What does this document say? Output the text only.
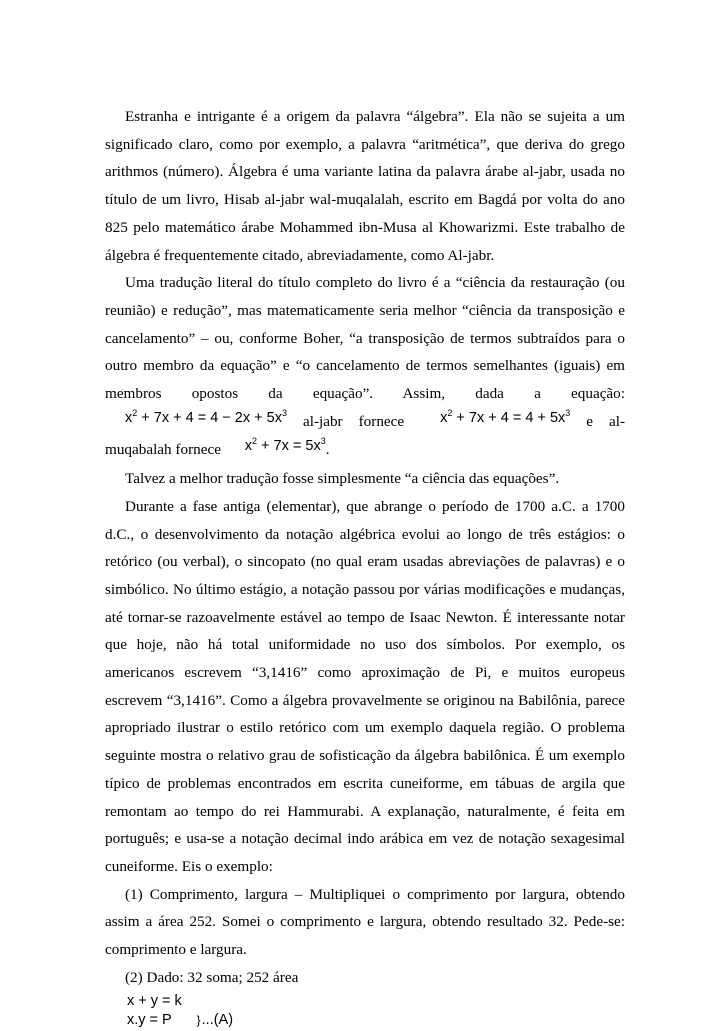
Estranha e intrigante é a origem da palavra “álgebra”. Ela não se sujeita a um significado claro, como por exemplo, a palavra “aritmética”, que deriva do grego arithmos (número). Álgebra é uma variante latina da palavra árabe al-jabr, usada no título de um livro, Hisab al-jabr wal-muqalalah, escrito em Bagdá por volta do ano 825 pelo matemático árabe Mohammed ibn-Musa al Khowarizmi. Este trabalho de álgebra é frequentemente citado, abreviadamente, como Al-jabr.

Uma tradução literal do título completo do livro é a “ciência da restauração (ou reunião) e redução”, mas matematicamente seria melhor “ciência da transposição e cancelamento” – ou, conforme Boher, “a transposição de termos subtraídos para o outro membro da equação” e “o cancelamento de termos semelhantes (iguais) em membros opostos da equação”. Assim, dada a equação: $x^2 + 7x + 4 = 4 - 2x + 5x^3$ al-jabr fornece $x^2 + 7x + 4 = 4 + 5x^3$ e al-muqabalah fornece $x^2 + 7x = 5x^3$.

Talvez a melhor tradução fosse simplesmente “a ciência das equações”.

Durante a fase antiga (elementar), que abrange o período de 1700 a.C. a 1700 d.C., o desenvolvimento da notação algébrica evolui ao longo de três estágios: o retórico (ou verbal), o sincopato (no qual eram usadas abreviações de palavras) e o simbólico. No último estágio, a notação passou por várias modificações e mudanças, até tornar-se razoavelmente estável ao tempo de Isaac Newton. É interessante notar que hoje, não há total uniformidade no uso dos símbolos. Por exemplo, os americanos escrevem “3,1416” como aproximação de Pi, e muitos europeus escrevem “3,1416”. Como a álgebra provavelmente se originou na Babilônia, parece apropriado ilustrar o estilo retórico com um exemplo daquela região. O problema seguinte mostra o relativo grau de sofisticação da álgebra babilônica. É um exemplo típico de problemas encontrados em escrita cuneiforme, em tábuas de argila que remontam ao tempo do rei Hammurabi. A explanação, naturalmente, é feita em português; e usa-se a notação decimal indo arábica em vez de notação sexagesimal cuneiforme. Eis o exemplo:

(1) Comprimento, largura – Multipliquei o comprimento por largura, obtendo assim a área 252. Somei o comprimento e largura, obtendo resultado 32. Pede-se: comprimento e largura.

(2) Dado: 32 soma; 252 área

x + y = k
x.y = P }...(A)
